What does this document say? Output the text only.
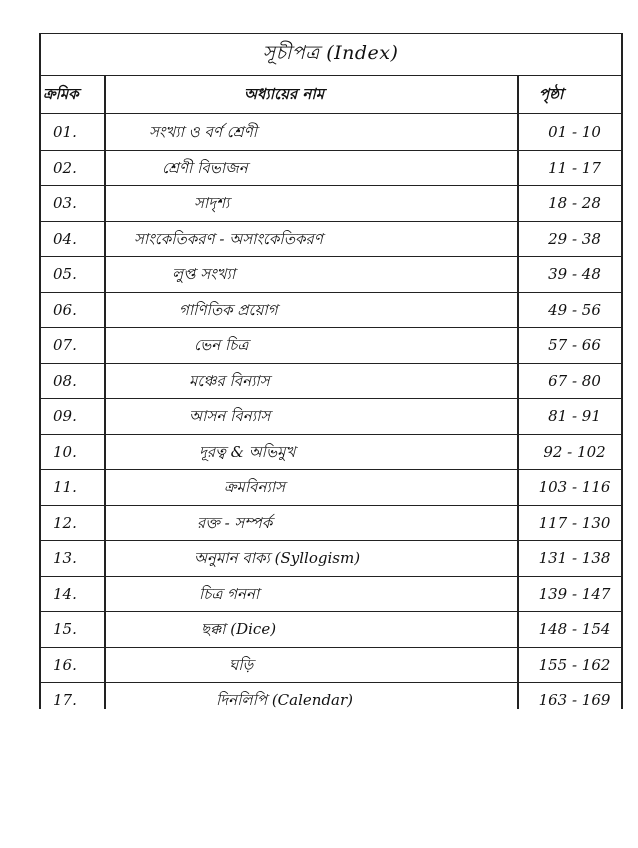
সূচীপত্র (Index)
ক্রমিক	অধ্যায়ের নাম	পৃষ্ঠা
01.	সংখ্যা ও বর্ণ শ্রেণী	01 - 10
02.	শ্রেণী বিভাজন	11 - 17
03.	সাদৃশ্য	18 - 28
04.	সাংকেতিকরণ - অসাংকেতিকরণ	29 - 38
05.	লুপ্ত সংখ্যা	39 - 48
06.	গাণিতিক প্রয়োগ	49 - 56
07.	ভেন চিত্র	57 - 66
08.	মঞ্চের বিন্যাস	67 - 80
09.	আসন বিন্যাস	81 - 91
10.	দূরত্ব & অভিমুখ	92 - 102
11.	ক্রমবিন্যাস	103 - 116
12.	রক্ত - সম্পর্ক	117 - 130
13.	অনুমান বাক্য (Syllogism)	131 - 138
14.	চিত্র গননা	139 - 147
15.	ছক্কা (Dice)	148 - 154
16.	ঘড়ি	155 - 162
17.	দিনলিপি (Calendar)	163 - 169
